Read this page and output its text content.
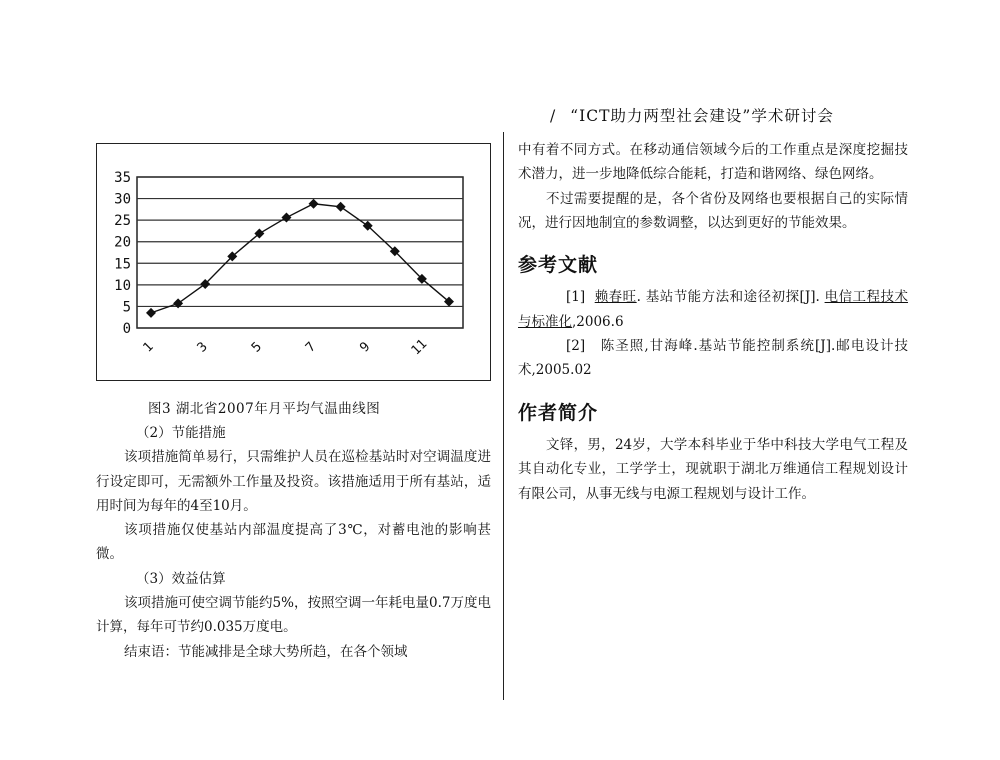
/ “ICT助力两型社会建设”学术研讨会
0
5
10
15
20
25
30
35
1	3	5	7	9	11
图3 湖北省2007年月平均气温曲线图

（2）节能措施

该项措施简单易行，只需维护人员在巡检基站时对空调温度进行设定即可，无需额外工作量及投资。该措施适用于所有基站，适用时间为每年的4至10月。

该项措施仅使基站内部温度提高了3℃，对蓄电池的影响甚微。

（3）效益估算

该项措施可使空调节能约5%，按照空调一年耗电量0.7万度电计算，每年可节约0.035万度电。

结束语：节能减排是全球大势所趋，在各个领域

中有着不同方式。在移动通信领域今后的工作重点是深度挖掘技术潜力，进一步地降低综合能耗，打造和谐网络、绿色网络。

不过需要提醒的是，各个省份及网络也要根据自己的实际情况，进行因地制宜的参数调整，以达到更好的节能效果。

参考文献

[1] 赖春旺. 基站节能方法和途径初探[J]. 电信工程技术与标准化,2006.6

[2]　陈圣照,甘海峰.基站节能控制系统[J].邮电设计技术,2005.02

作者简介

文铎，男，24岁，大学本科毕业于华中科技大学电气工程及其自动化专业，工学学士，现就职于湖北万维通信工程规划设计有限公司，从事无线与电源工程规划与设计工作。
